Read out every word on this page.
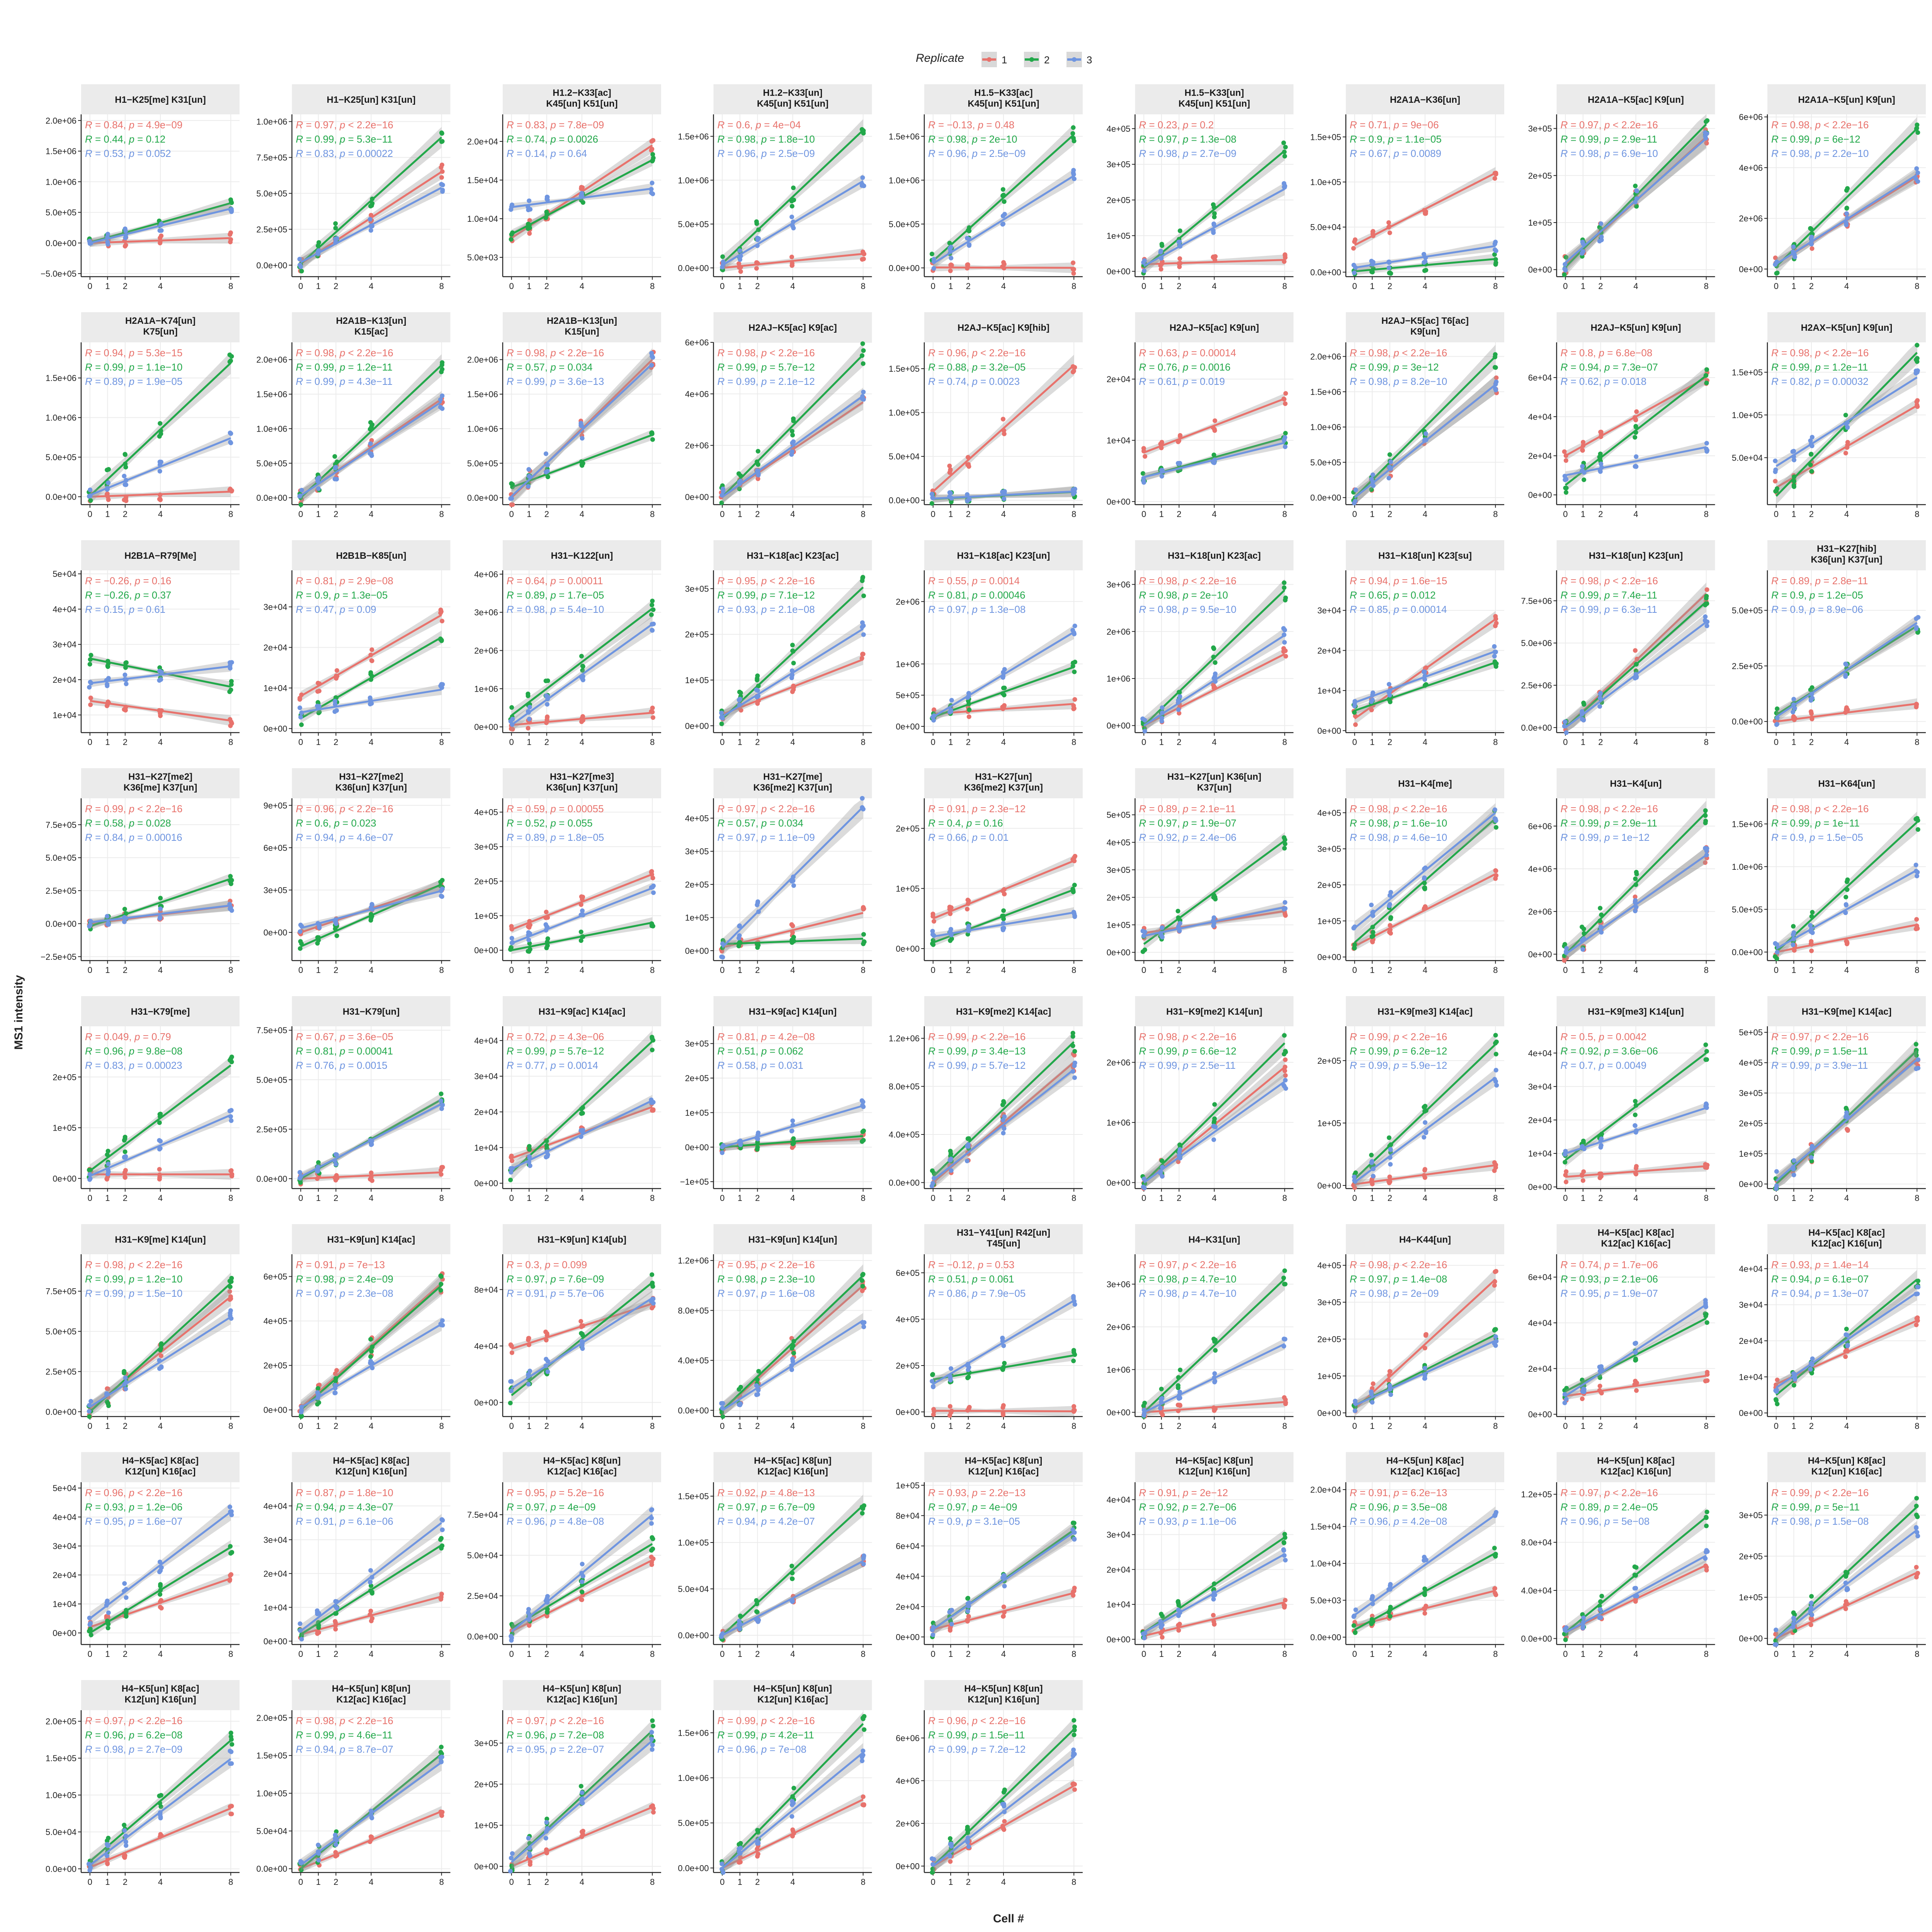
Replicate	1	2	3
H1−K25[me] K31[un]
−5.0e+05
0.0e+00
5.0e+05
1.0e+06
1.5e+06
2.0e+06
0 1 2	4	8
R = 0.84, p = 4.9e−09
R = 0.44, p = 0.12
R = 0.53, p = 0.052
H1−K25[un] K31[un]
0.0e+00
2.5e+05
5.0e+05
7.5e+05
1.0e+06
0 1 2	4	8
R = 0.97, p < 2.2e−16
R = 0.99, p = 5.3e−11
R = 0.83, p = 0.00022
H1.2−K33[ac]
K45[un] K51[un]
5.0e+03
1.0e+04
1.5e+04
2.0e+04
0 1 2	4	8
R = 0.83, p = 7.8e−09
R = 0.74, p = 0.0026
R = 0.14, p = 0.64
H1.2−K33[un]
K45[un] K51[un]
0.0e+00
5.0e+05
1.0e+06
1.5e+06
0 1 2	4	8
R = 0.6, p = 4e−04
R = 0.98, p = 1.8e−10
R = 0.96, p = 2.5e−09
H1.5−K33[ac]
K45[un] K51[un]
0.0e+00
5.0e+05
1.0e+06
1.5e+06
0 1 2	4	8
R = −0.13, p = 0.48
R = 0.98, p = 2e−10
R = 0.96, p = 2.5e−09
H1.5−K33[un]
K45[un] K51[un]
0e+00
1e+05
2e+05
3e+05
4e+05
0 1 2	4	8
R = 0.23, p = 0.2
R = 0.97, p = 1.3e−08
R = 0.98, p = 2.7e−09
H2A1A−K36[un]
0.0e+00
5.0e+04
1.0e+05
1.5e+05
0 1 2	4	8
R = 0.71, p = 9e−06
R = 0.9, p = 1.1e−05
R = 0.67, p = 0.0089
H2A1A−K5[ac] K9[un]
0e+00
1e+05
2e+05
3e+05
0 1 2	4	8
R = 0.97, p < 2.2e−16
R = 0.99, p = 2.9e−11
R = 0.98, p = 6.9e−10
H2A1A−K5[un] K9[un]
0e+00
2e+06
4e+06
6e+06
0 1 2	4	8
R = 0.98, p < 2.2e−16
R = 0.99, p = 6e−12
R = 0.98, p = 2.2e−10
H2A1A−K74[un]
K75[un]
0.0e+00
5.0e+05
1.0e+06
1.5e+06
0 1 2	4	8
R = 0.94, p = 5.3e−15
R = 0.99, p = 1.1e−10
R = 0.89, p = 1.9e−05
H2A1B−K13[un]
K15[ac]
0.0e+00
5.0e+05
1.0e+06
1.5e+06
2.0e+06
0 1 2	4	8
R = 0.98, p < 2.2e−16
R = 0.99, p = 1.2e−11
R = 0.99, p = 4.3e−11
H2A1B−K13[un]
K15[un]
0.0e+00
5.0e+05
1.0e+06
1.5e+06
2.0e+06
0 1 2	4	8
R = 0.98, p < 2.2e−16
R = 0.57, p = 0.034
R = 0.99, p = 3.6e−13
H2AJ−K5[ac] K9[ac]
0e+00
2e+06
4e+06
6e+06
0 1 2	4	8
R = 0.98, p < 2.2e−16
R = 0.99, p = 5.7e−12
R = 0.99, p = 2.1e−12
H2AJ−K5[ac] K9[hib]
0.0e+00
5.0e+04
1.0e+05
1.5e+05
0 1 2	4	8
R = 0.96, p < 2.2e−16
R = 0.88, p = 3.2e−05
R = 0.74, p = 0.0023
H2AJ−K5[ac] K9[un]
0e+00
1e+04
2e+04
0 1 2	4	8
R = 0.63, p = 0.00014
R = 0.76, p = 0.0016
R = 0.61, p = 0.019
H2AJ−K5[ac] T6[ac]
K9[un]
0.0e+00
5.0e+05
1.0e+06
1.5e+06
2.0e+06
0 1 2	4	8
R = 0.98, p < 2.2e−16
R = 0.99, p = 3e−12
R = 0.98, p = 8.2e−10
H2AJ−K5[un] K9[un]
0e+00
2e+04
4e+04
6e+04
0 1 2	4	8
R = 0.8, p = 6.8e−08
R = 0.94, p = 7.3e−07
R = 0.62, p = 0.018
H2AX−K5[un] K9[un]
5.0e+04
1.0e+05
1.5e+05
0 1 2	4	8
R = 0.98, p < 2.2e−16
R = 0.99, p = 1.2e−11
R = 0.82, p = 0.00032
H2B1A−R79[Me]
1e+04
2e+04
3e+04
4e+04
5e+04
0 1 2	4	8
R = −0.26, p = 0.16
R = −0.26, p = 0.37
R = 0.15, p = 0.61
H2B1B−K85[un]
0e+00
1e+04
2e+04
3e+04
0 1 2	4	8
R = 0.81, p = 2.9e−08
R = 0.9, p = 1.3e−05
R = 0.47, p = 0.09
H31−K122[un]
0e+00
1e+06
2e+06
3e+06
4e+06
0 1 2	4	8
R = 0.64, p = 0.00011
R = 0.89, p = 1.7e−05
R = 0.98, p = 5.4e−10
H31−K18[ac] K23[ac]
0e+00
1e+05
2e+05
3e+05
0 1 2	4	8
R = 0.95, p < 2.2e−16
R = 0.99, p = 7.1e−12
R = 0.93, p = 2.1e−08
H31−K18[ac] K23[un]
0e+00
5e+05
1e+06
2e+06
0 1 2	4	8
R = 0.55, p = 0.0014
R = 0.81, p = 0.00046
R = 0.97, p = 1.3e−08
H31−K18[un] K23[ac]
0e+00
1e+06
2e+06
3e+06
0 1 2	4	8
R = 0.98, p < 2.2e−16
R = 0.98, p = 2e−10
R = 0.98, p = 9.5e−10
H31−K18[un] K23[su]
0e+00
1e+04
2e+04
3e+04
0 1 2	4	8
R = 0.94, p = 1.6e−15
R = 0.65, p = 0.012
R = 0.85, p = 0.00014
H31−K18[un] K23[un]
0.0e+00
2.5e+06
5.0e+06
7.5e+06
0 1 2	4	8
R = 0.98, p < 2.2e−16
R = 0.99, p = 7.4e−11
R = 0.99, p = 6.3e−11
H31−K27[hib]
K36[un] K37[un]
0.0e+00
2.5e+05
5.0e+05
0 1 2	4	8
R = 0.89, p = 2.8e−11
R = 0.9, p = 1.2e−05
R = 0.9, p = 8.9e−06
H31−K27[me2]
K36[me] K37[un]
−2.5e+05
0.0e+00
2.5e+05
5.0e+05
7.5e+05
0 1 2	4	8
R = 0.99, p < 2.2e−16
R = 0.58, p = 0.028
R = 0.84, p = 0.00016
H31−K27[me2]
K36[un] K37[un]
0e+00
3e+05
6e+05
9e+05
0 1 2	4	8
R = 0.96, p < 2.2e−16
R = 0.6, p = 0.023
R = 0.94, p = 4.6e−07
H31−K27[me3]
K36[un] K37[un]
0e+00
1e+05
2e+05
3e+05
4e+05
0 1 2	4	8
R = 0.59, p = 0.00055
R = 0.52, p = 0.055
R = 0.89, p = 1.8e−05
H31−K27[me]
K36[me2] K37[un]
0e+00
1e+05
2e+05
3e+05
4e+05
0 1 2	4	8
R = 0.97, p < 2.2e−16
R = 0.57, p = 0.034
R = 0.97, p = 1.1e−09
H31−K27[un]
K36[me2] K37[un]
0e+00
1e+05
2e+05
0 1 2	4	8
R = 0.91, p = 2.3e−12
R = 0.4, p = 0.16
R = 0.66, p = 0.01
H31−K27[un] K36[un]
K37[un]
0e+00
1e+05
2e+05
3e+05
4e+05
5e+05
0 1 2	4	8
R = 0.89, p = 2.1e−11
R = 0.97, p = 1.9e−07
R = 0.92, p = 2.4e−06
H31−K4[me]
0e+00
1e+05
2e+05
3e+05
4e+05
0 1 2	4	8
R = 0.98, p < 2.2e−16
R = 0.98, p = 1.6e−10
R = 0.98, p = 4.6e−10
H31−K4[un]
0e+00
2e+06
4e+06
6e+06
0 1 2	4	8
R = 0.98, p < 2.2e−16
R = 0.99, p = 2.9e−11
R = 0.99, p = 1e−12
H31−K64[un]
0.0e+00
5.0e+05
1.0e+06
1.5e+06
0 1 2	4	8
R = 0.98, p < 2.2e−16
R = 0.99, p = 1e−11
R = 0.9, p = 1.5e−05
H31−K79[me]
0e+00
1e+05
2e+05
0 1 2	4	8
R = 0.049, p = 0.79
R = 0.96, p = 9.8e−08
R = 0.83, p = 0.00023
H31−K79[un]
0.0e+00
2.5e+05
5.0e+05
7.5e+05
0 1 2	4	8
R = 0.67, p = 3.6e−05
R = 0.81, p = 0.00041
R = 0.76, p = 0.0015
H31−K9[ac] K14[ac]
0e+00
1e+04
2e+04
3e+04
4e+04
0 1 2	4	8
R = 0.72, p = 4.3e−06
R = 0.99, p = 5.7e−12
R = 0.77, p = 0.0014
H31−K9[ac] K14[un]
−1e+05
0e+00
1e+05
2e+05
3e+05
0 1 2	4	8
R = 0.81, p = 4.2e−08
R = 0.51, p = 0.062
R = 0.58, p = 0.031
H31−K9[me2] K14[ac]
0.0e+00
4.0e+05
8.0e+05
1.2e+06
0 1 2	4	8
R = 0.99, p < 2.2e−16
R = 0.99, p = 3.4e−13
R = 0.99, p = 5.7e−12
H31−K9[me2] K14[un]
0e+00
1e+06
2e+06
0 1 2	4	8
R = 0.98, p < 2.2e−16
R = 0.99, p = 6.6e−12
R = 0.99, p = 2.5e−11
H31−K9[me3] K14[ac]
0e+00
1e+05
2e+05
0 1 2	4	8
R = 0.99, p < 2.2e−16
R = 0.99, p = 6.2e−12
R = 0.99, p = 5.9e−12
H31−K9[me3] K14[un]
0e+00
1e+04
2e+04
3e+04
4e+04
0 1 2	4	8
R = 0.5, p = 0.0042
R = 0.92, p = 3.6e−06
R = 0.7, p = 0.0049
H31−K9[me] K14[ac]
0e+00
1e+05
2e+05
3e+05
4e+05
5e+05
0 1 2	4	8
R = 0.97, p < 2.2e−16
R = 0.99, p = 1.5e−11
R = 0.99, p = 3.9e−11
H31−K9[me] K14[un]
0.0e+00
2.5e+05
5.0e+05
7.5e+05
0 1 2	4	8
R = 0.98, p < 2.2e−16
R = 0.99, p = 1.2e−10
R = 0.99, p = 1.5e−10
H31−K9[un] K14[ac]
0e+00
2e+05
4e+05
6e+05
0 1 2	4	8
R = 0.91, p = 7e−13
R = 0.98, p = 2.4e−09
R = 0.97, p = 2.3e−08
H31−K9[un] K14[ub]
0e+00
4e+04
8e+04
0 1 2	4	8
R = 0.3, p = 0.099
R = 0.97, p = 7.6e−09
R = 0.91, p = 5.7e−06
H31−K9[un] K14[un]
0.0e+00
4.0e+05
8.0e+05
1.2e+06
0 1 2	4	8
R = 0.95, p < 2.2e−16
R = 0.98, p = 2.3e−10
R = 0.97, p = 1.6e−08
H31−Y41[un] R42[un]
T45[un]
0e+00
2e+05
4e+05
6e+05
0 1 2	4	8
R = −0.12, p = 0.53
R = 0.51, p = 0.061
R = 0.86, p = 7.9e−05
H4−K31[un]
0e+00
1e+06
2e+06
3e+06
0 1 2	4	8
R = 0.97, p < 2.2e−16
R = 0.98, p = 4.7e−10
R = 0.98, p = 4.7e−10
H4−K44[un]
0e+00
1e+05
2e+05
3e+05
4e+05
0 1 2	4	8
R = 0.98, p < 2.2e−16
R = 0.97, p = 1.4e−08
R = 0.98, p = 2e−09
H4−K5[ac] K8[ac]
K12[ac] K16[ac]
0e+00
2e+04
4e+04
6e+04
0 1 2	4	8
R = 0.74, p = 1.7e−06
R = 0.93, p = 2.1e−06
R = 0.95, p = 1.9e−07
H4−K5[ac] K8[ac]
K12[ac] K16[un]
0e+00
1e+04
2e+04
3e+04
4e+04
0 1 2	4	8
R = 0.93, p = 1.4e−14
R = 0.94, p = 6.1e−07
R = 0.94, p = 1.3e−07
H4−K5[ac] K8[ac]
K12[un] K16[ac]
0e+00
1e+04
2e+04
3e+04
4e+04
5e+04
0 1 2	4	8
R = 0.96, p < 2.2e−16
R = 0.93, p = 1.2e−06
R = 0.95, p = 1.6e−07
H4−K5[ac] K8[ac]
K12[un] K16[un]
0e+00
1e+04
2e+04
3e+04
4e+04
0 1 2	4	8
R = 0.87, p = 1.8e−10
R = 0.94, p = 4.3e−07
R = 0.91, p = 6.1e−06
H4−K5[ac] K8[un]
K12[ac] K16[ac]
0.0e+00
2.5e+04
5.0e+04
7.5e+04
0 1 2	4	8
R = 0.95, p = 5.2e−16
R = 0.97, p = 4e−09
R = 0.96, p = 4.8e−08
H4−K5[ac] K8[un]
K12[ac] K16[un]
0.0e+00
5.0e+04
1.0e+05
1.5e+05
0 1 2	4	8
R = 0.92, p = 4.8e−13
R = 0.97, p = 6.7e−09
R = 0.94, p = 4.2e−07
H4−K5[ac] K8[un]
K12[un] K16[ac]
0e+00
2e+04
4e+04
6e+04
8e+04
1e+05
0 1 2	4	8
R = 0.93, p = 2.2e−13
R = 0.97, p = 4e−09
R = 0.9, p = 3.1e−05
H4−K5[ac] K8[un]
K12[un] K16[un]
0e+00
1e+04
2e+04
3e+04
4e+04
0 1 2	4	8
R = 0.91, p = 2e−12
R = 0.92, p = 2.7e−06
R = 0.93, p = 1.1e−06
H4−K5[un] K8[ac]
K12[ac] K16[ac]
0.0e+00
5.0e+03
1.0e+04
1.5e+04
2.0e+04
0 1 2	4	8
R = 0.91, p = 6.2e−13
R = 0.96, p = 3.5e−08
R = 0.96, p = 4.2e−08
H4−K5[un] K8[ac]
K12[ac] K16[un]
0.0e+00
4.0e+04
8.0e+04
1.2e+05
0 1 2	4	8
R = 0.97, p < 2.2e−16
R = 0.89, p = 2.4e−05
R = 0.96, p = 5e−08
H4−K5[un] K8[ac]
K12[un] K16[ac]
0e+00
1e+05
2e+05
3e+05
0 1 2	4	8
R = 0.99, p < 2.2e−16
R = 0.99, p = 5e−11
R = 0.98, p = 1.5e−08
H4−K5[un] K8[ac]
K12[un] K16[un]
0.0e+00
5.0e+04
1.0e+05
1.5e+05
2.0e+05
0 1 2	4	8
R = 0.97, p < 2.2e−16
R = 0.96, p = 6.2e−08
R = 0.98, p = 2.7e−09
H4−K5[un] K8[un]
K12[ac] K16[ac]
0.0e+00
5.0e+04
1.0e+05
1.5e+05
2.0e+05
0 1 2	4	8
R = 0.98, p < 2.2e−16
R = 0.99, p = 4.6e−11
R = 0.94, p = 8.7e−07
H4−K5[un] K8[un]
K12[ac] K16[un]
0e+00
1e+05
2e+05
3e+05
0 1 2	4	8
R = 0.97, p < 2.2e−16
R = 0.96, p = 7.2e−08
R = 0.95, p = 2.2e−07
H4−K5[un] K8[un]
K12[un] K16[ac]
0.0e+00
5.0e+05
1.0e+06
1.5e+06
0 1 2	4	8
R = 0.99, p < 2.2e−16
R = 0.99, p = 4.2e−11
R = 0.96, p = 7e−08
H4−K5[un] K8[un]
K12[un] K16[un]
0e+00
2e+06
4e+06
6e+06
0 1 2	4	8
R = 0.96, p < 2.2e−16
R = 0.99, p = 1.5e−11
R = 0.99, p = 7.2e−12
Cell #
MS1 intensity
